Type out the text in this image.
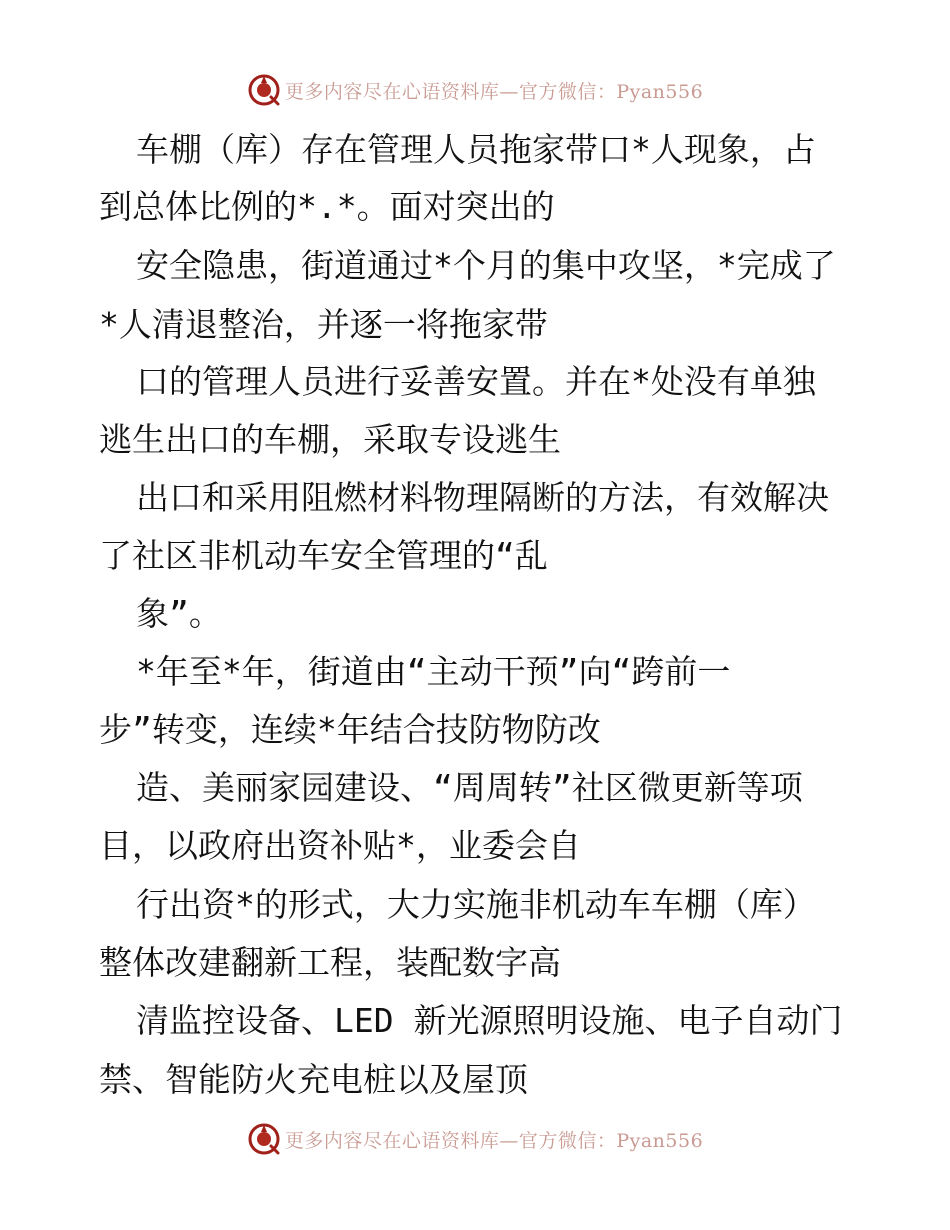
更多内容尽在心语资料库—官方微信：Pyan556
车棚（库）存在管理人员拖家带口*人现象，占
到总体比例的*.*。面对突出的
安全隐患，街道通过*个月的集中攻坚，*完成了
*人清退整治，并逐一将拖家带
口的管理人员进行妥善安置。并在*处没有单独
逃生出口的车棚，采取专设逃生
出口和采用阻燃材料物理隔断的方法，有效解决
了社区非机动车安全管理的“乱
象”。
*年至*年，街道由“主动干预”向“跨前一
步”转变，连续*年结合技防物防改
造、美丽家园建设、“周周转”社区微更新等项
目，以政府出资补贴*，业委会自
行出资*的形式，大力实施非机动车车棚（库）
整体改建翻新工程，装配数字高
清监控设备、LED 新光源照明设施、电子自动门
禁、智能防火充电桩以及屋顶
更多内容尽在心语资料库—官方微信：Pyan556
